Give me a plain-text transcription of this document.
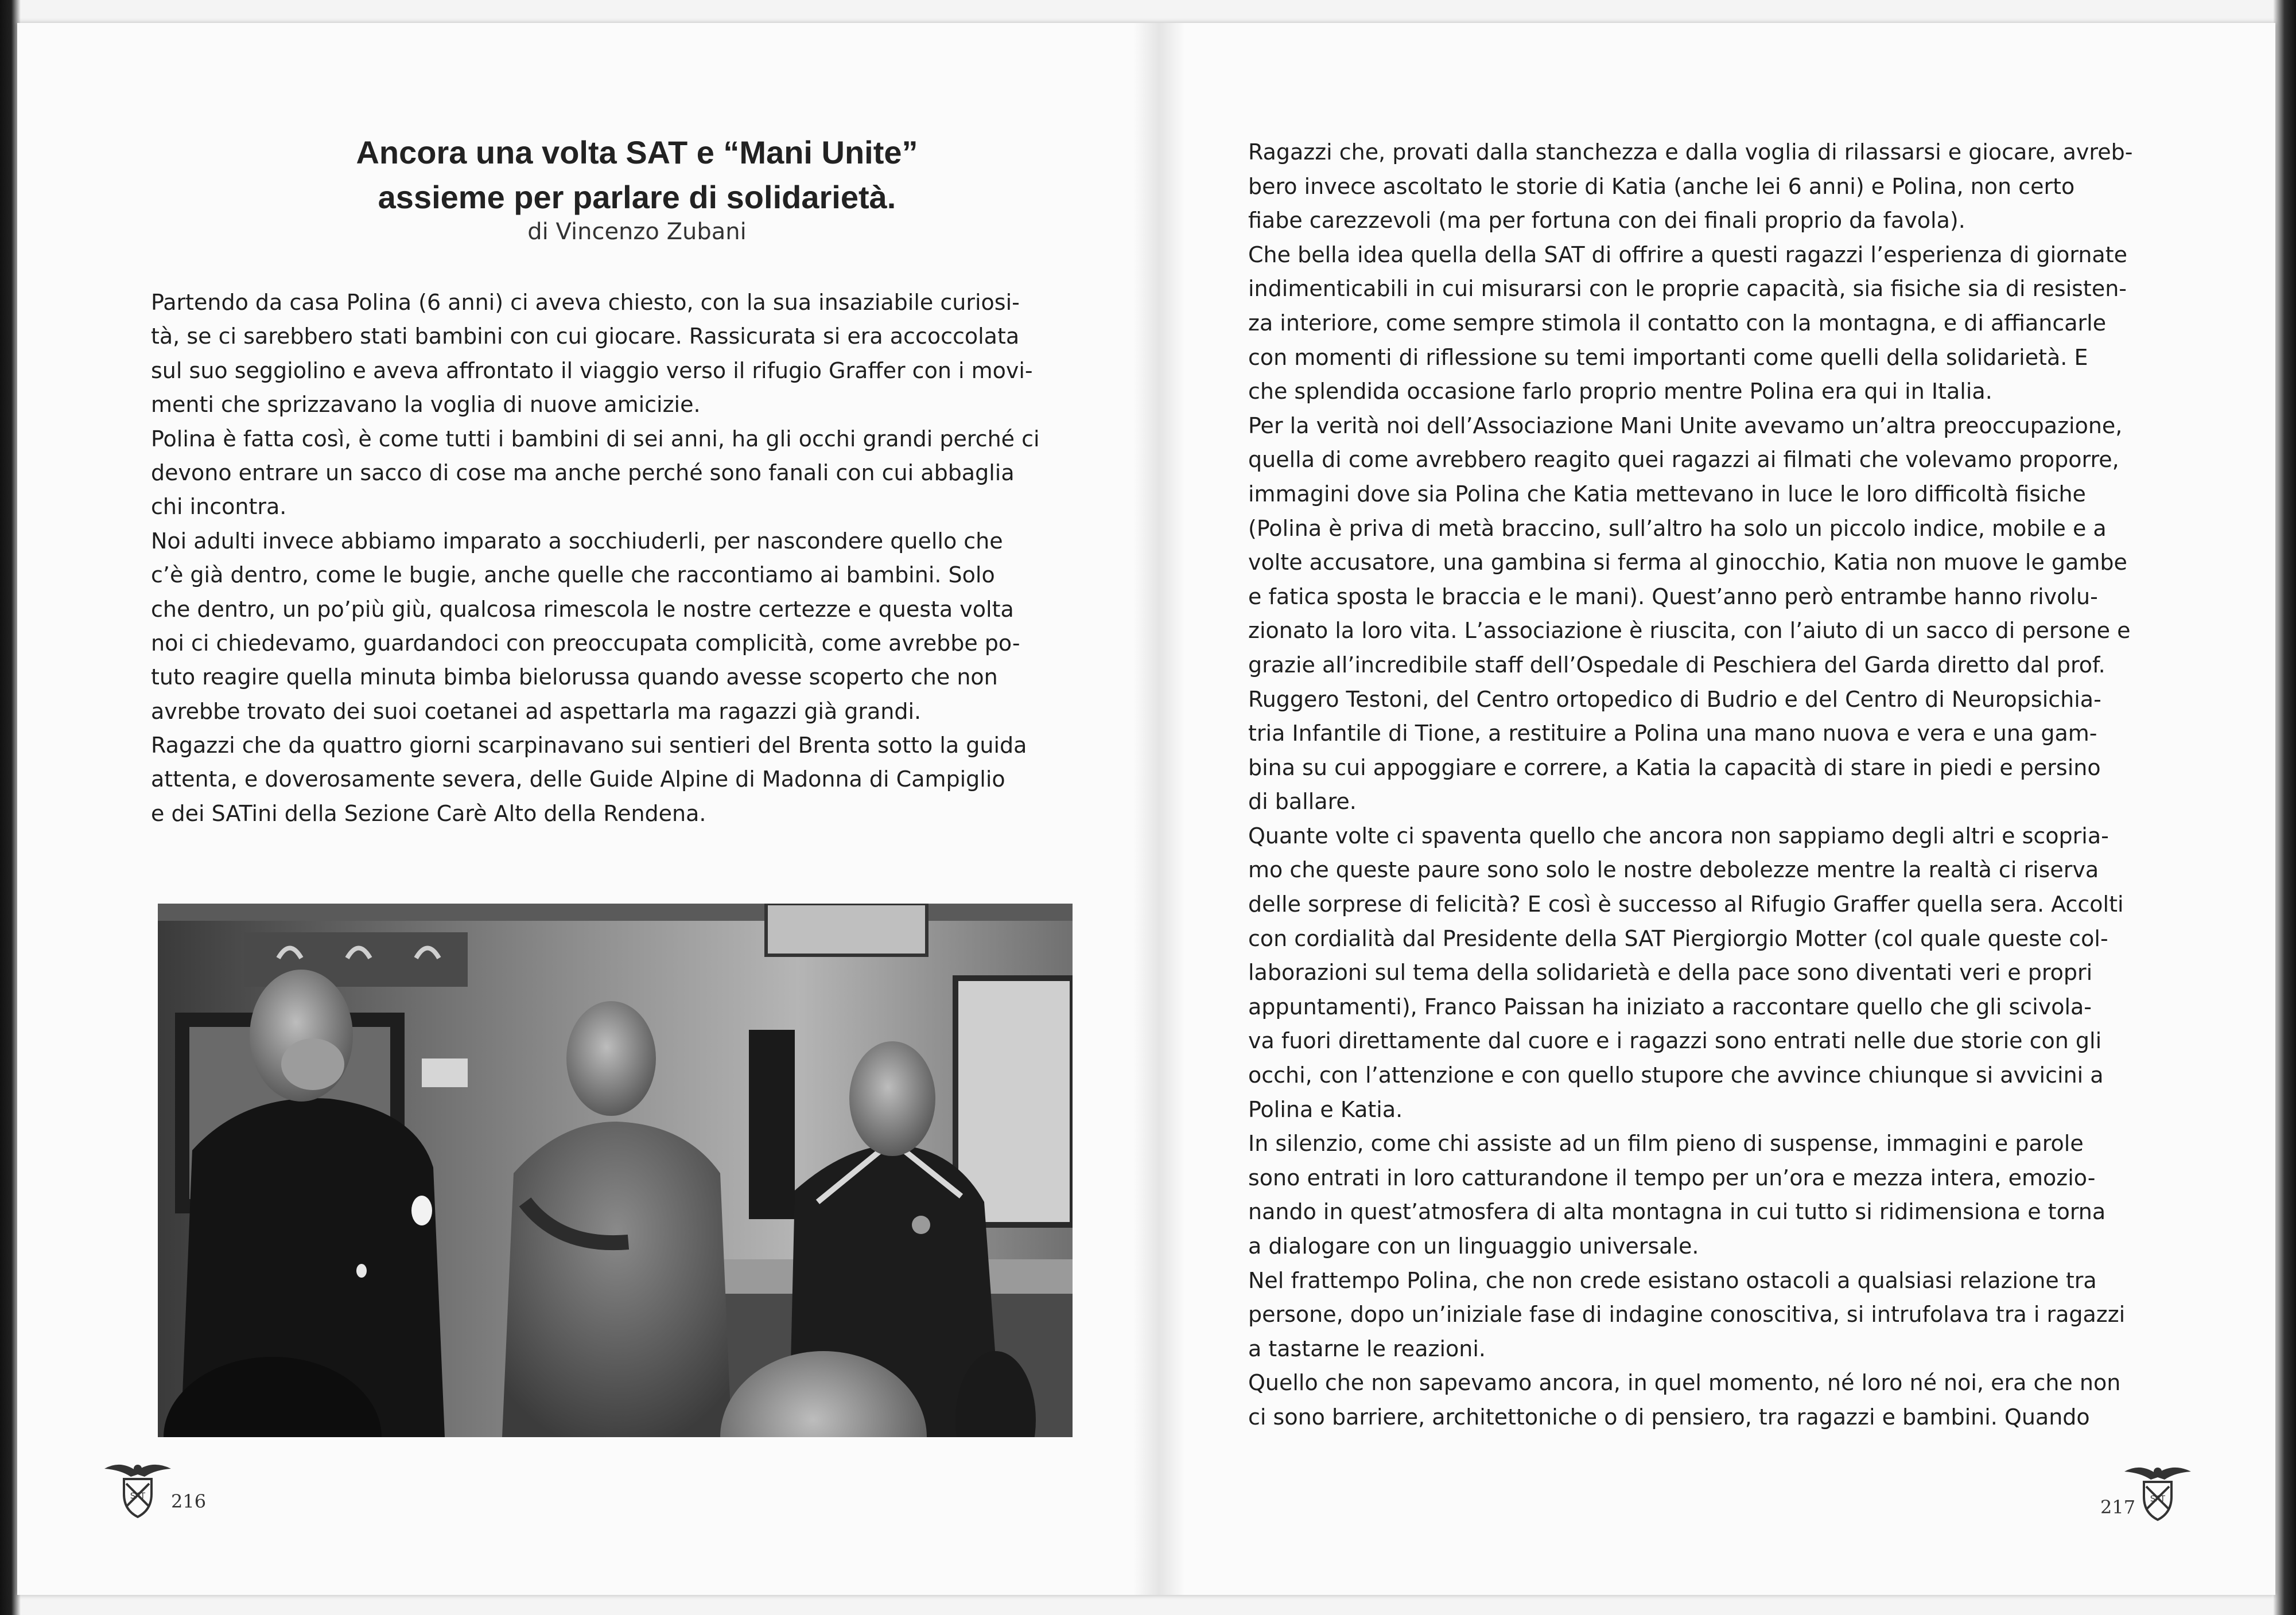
Ancora una volta SAT e “Mani Unite”
assieme per parlare di solidarietà.
di Vincenzo Zubani
Partendo da casa Polina (6 anni) ci aveva chiesto, con la sua insaziabile curiosi-
tà, se ci sarebbero stati bambini con cui giocare. Rassicurata si era accoccolata
sul suo seggiolino e aveva affrontato il viaggio verso il rifugio Graffer con i movi-
menti che sprizzavano la voglia di nuove amicizie.
Polina è fatta così, è come tutti i bambini di sei anni, ha gli occhi grandi perché ci
devono entrare un sacco di cose ma anche perché sono fanali con cui abbaglia
chi incontra.
Noi adulti invece abbiamo imparato a socchiuderli, per nascondere quello che
c’è già dentro, come le bugie, anche quelle che raccontiamo ai bambini. Solo
che dentro, un po’più giù, qualcosa rimescola le nostre certezze e questa volta
noi ci chiedevamo, guardandoci con preoccupata complicità, come avrebbe po-
tuto reagire quella minuta bimba bielorussa quando avesse scoperto che non
avrebbe trovato dei suoi coetanei ad aspettarla ma ragazzi già grandi.
Ragazzi che da quattro giorni scarpinavano sui sentieri del Brenta sotto la guida
attenta, e doverosamente severa, delle Guide Alpine di Madonna di Campiglio
e dei SATini della Sezione Carè Alto della Rendena.
SAT 216
Ragazzi che, provati dalla stanchezza e dalla voglia di rilassarsi e giocare, avreb-
bero invece ascoltato le storie di Katia (anche lei 6 anni) e Polina, non certo
fiabe carezzevoli (ma per fortuna con dei finali proprio da favola).
Che bella idea quella della SAT di offrire a questi ragazzi l’esperienza di giornate
indimenticabili in cui misurarsi con le proprie capacità, sia fisiche sia di resisten-
za interiore, come sempre stimola il contatto con la montagna, e di affiancarle
con momenti di riflessione su temi importanti come quelli della solidarietà. E
che splendida occasione farlo proprio mentre Polina era qui in Italia.
Per la verità noi dell’Associazione Mani Unite avevamo un’altra preoccupazione,
quella di come avrebbero reagito quei ragazzi ai filmati che volevamo proporre,
immagini dove sia Polina che Katia mettevano in luce le loro difficoltà fisiche
(Polina è priva di metà braccino, sull’altro ha solo un piccolo indice, mobile e a
volte accusatore, una gambina si ferma al ginocchio, Katia non muove le gambe
e fatica sposta le braccia e le mani). Quest’anno però entrambe hanno rivolu-
zionato la loro vita. L’associazione è riuscita, con l’aiuto di un sacco di persone e
grazie all’incredibile staff dell’Ospedale di Peschiera del Garda diretto dal prof.
Ruggero Testoni, del Centro ortopedico di Budrio e del Centro di Neuropsichia-
tria Infantile di Tione, a restituire a Polina una mano nuova e vera e una gam-
bina su cui appoggiare e correre, a Katia la capacità di stare in piedi e persino
di ballare.
Quante volte ci spaventa quello che ancora non sappiamo degli altri e scopria-
mo che queste paure sono solo le nostre debolezze mentre la realtà ci riserva
delle sorprese di felicità? E così è successo al Rifugio Graffer quella sera. Accolti
con cordialità dal Presidente della SAT Piergiorgio Motter (col quale queste col-
laborazioni sul tema della solidarietà e della pace sono diventati veri e propri
appuntamenti), Franco Paissan ha iniziato a raccontare quello che gli scivola-
va fuori direttamente dal cuore e i ragazzi sono entrati nelle due storie con gli
occhi, con l’attenzione e con quello stupore che avvince chiunque si avvicini a
Polina e Katia.
In silenzio, come chi assiste ad un film pieno di suspense, immagini e parole
sono entrati in loro catturandone il tempo per un’ora e mezza intera, emozio-
nando in quest’atmosfera di alta montagna in cui tutto si ridimensiona e torna
a dialogare con un linguaggio universale.
Nel frattempo Polina, che non crede esistano ostacoli a qualsiasi relazione tra
persone, dopo un’iniziale fase di indagine conoscitiva, si intrufolava tra i ragazzi
a tastarne le reazioni.
Quello che non sapevamo ancora, in quel momento, né loro né noi, era che non
ci sono barriere, architettoniche o di pensiero, tra ragazzi e bambini. Quando
217 SAT
